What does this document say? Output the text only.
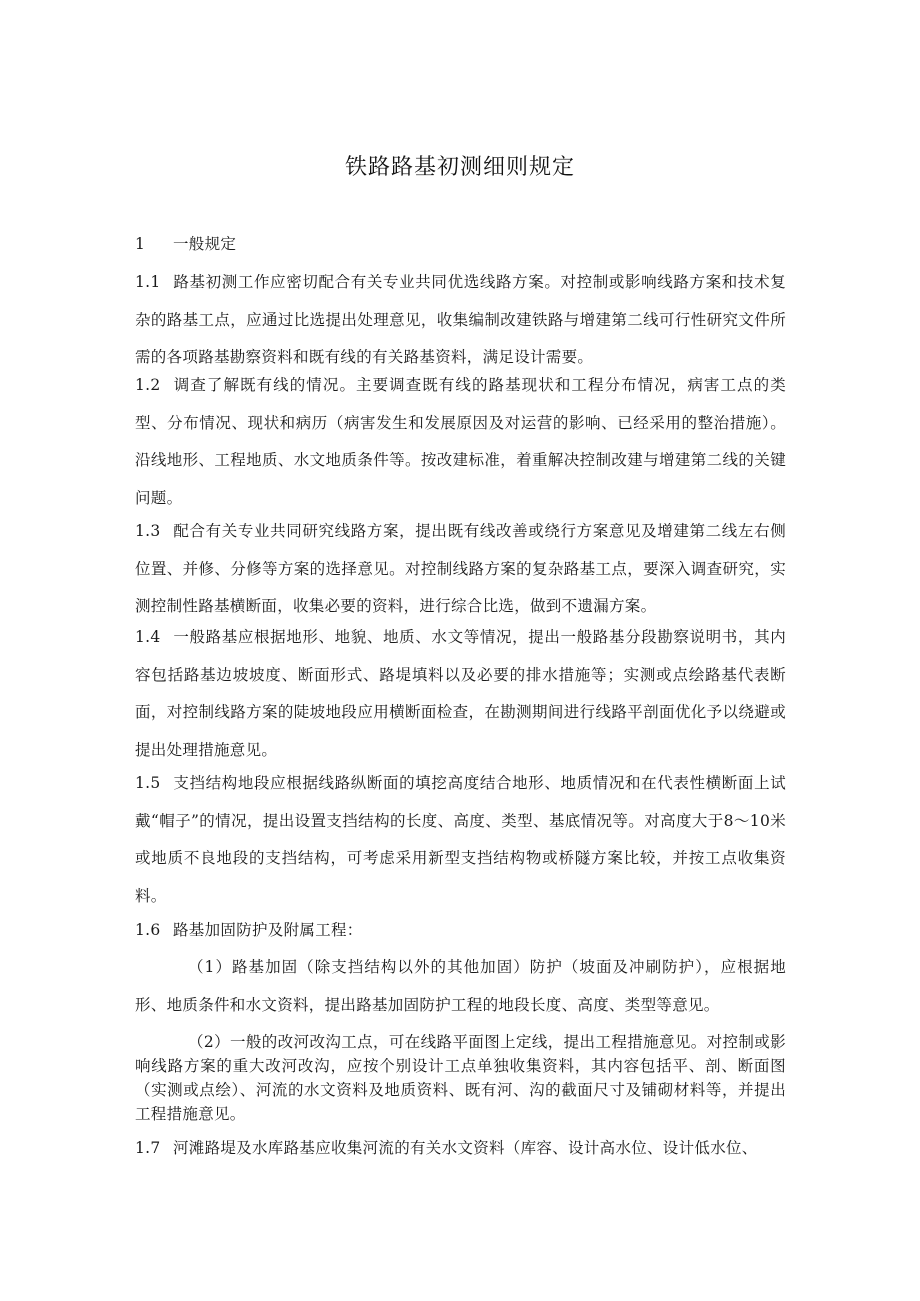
铁路路基初测细则规定

1 一般规定

1.1 路基初测工作应密切配合有关专业共同优选线路方案。对控制或影响线路方案和技术复杂的路基工点，应通过比选提出处理意见，收集编制改建铁路与增建第二线可行性研究文件所需的各项路基勘察资料和既有线的有关路基资料，满足设计需要。

1.2 调查了解既有线的情况。主要调查既有线的路基现状和工程分布情况，病害工点的类型、分布情况、现状和病历（病害发生和发展原因及对运营的影响、已经采用的整治措施）。沿线地形、工程地质、水文地质条件等。按改建标准，着重解决控制改建与增建第二线的关键问题。

1.3 配合有关专业共同研究线路方案，提出既有线改善或绕行方案意见及增建第二线左右侧位置、并修、分修等方案的选择意见。对控制线路方案的复杂路基工点，要深入调查研究，实测控制性路基横断面，收集必要的资料，进行综合比选，做到不遗漏方案。

1.4 一般路基应根据地形、地貌、地质、水文等情况，提出一般路基分段勘察说明书，其内容包括路基边坡坡度、断面形式、路堤填料以及必要的排水措施等；实测或点绘路基代表断面，对控制线路方案的陡坡地段应用横断面检查，在勘测期间进行线路平剖面优化予以绕避或提出处理措施意见。

1.5 支挡结构地段应根据线路纵断面的填挖高度结合地形、地质情况和在代表性横断面上试戴“帽子”的情况，提出设置支挡结构的长度、高度、类型、基底情况等。对高度大于8～10米或地质不良地段的支挡结构，可考虑采用新型支挡结构物或桥隧方案比较，并按工点收集资料。

1.6 路基加固防护及附属工程：

（1）路基加固（除支挡结构以外的其他加固）防护（坡面及冲刷防护），应根据地形、地质条件和水文资料，提出路基加固防护工程的地段长度、高度、类型等意见。

（2）一般的改河改沟工点，可在线路平面图上定线，提出工程措施意见。对控制或影响线路方案的重大改河改沟，应按个别设计工点单独收集资料，其内容包括平、剖、断面图（实测或点绘）、河流的水文资料及地质资料、既有河、沟的截面尺寸及铺砌材料等，并提出工程措施意见。

1.7 河滩路堤及水库路基应收集河流的有关水文资料（库容、设计高水位、设计低水位、
